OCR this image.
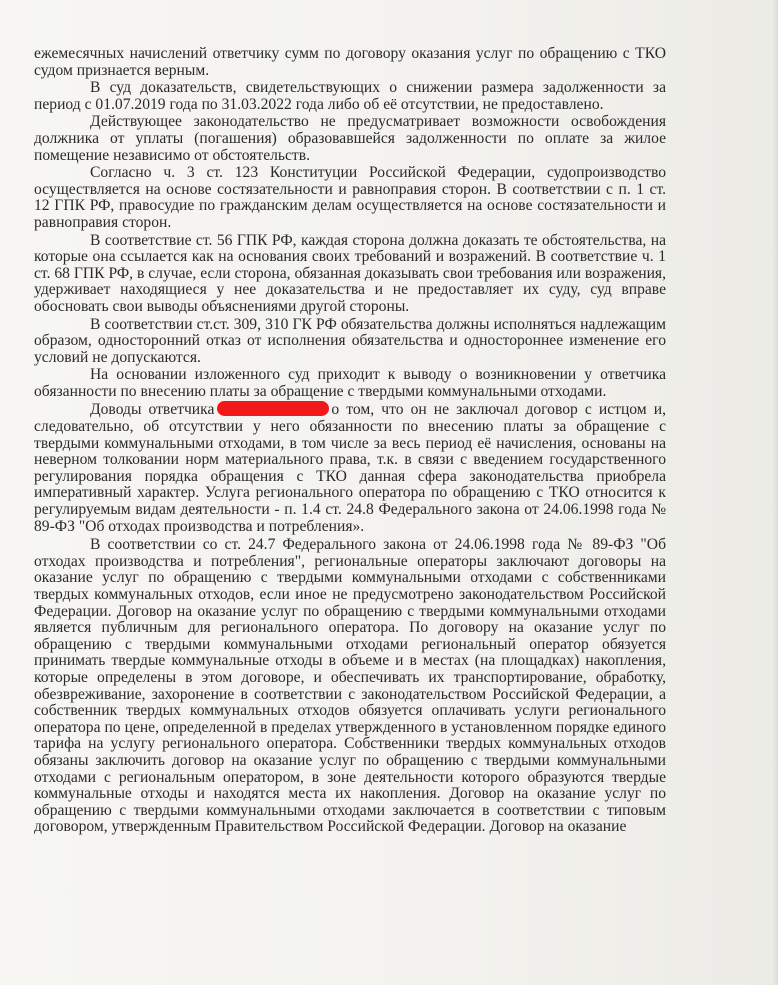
ежемесячных начислений ответчику сумм по договору оказания услуг по обращению с ТКО судом признается верным.

В суд доказательств, свидетельствующих о снижении размера задолженности за период с 01.07.2019 года по 31.03.2022 года либо об её отсутствии, не предоставлено.

Действующее законодательство не предусматривает возможности освобождения должника от уплаты (погашения) образовавшейся задолженности по оплате за жилое помещение независимо от обстоятельств.

Согласно ч. 3 ст. 123 Конституции Российской Федерации, судопроизводство осуществляется на основе состязательности и равноправия сторон. В соответствии с п. 1 ст. 12 ГПК РФ, правосудие по гражданским делам осуществляется на основе состязательности и равноправия сторон.

В соответствие ст. 56 ГПК РФ, каждая сторона должна доказать те обстоятельства, на которые она ссылается как на основания своих требований и возражений. В соответствие ч. 1 ст. 68 ГПК РФ, в случае, если сторона, обязанная доказывать свои требования или возражения, удерживает находящиеся у нее доказательства и не предоставляет их суду, суд вправе обосновать свои выводы объяснениями другой стороны.

В соответствии ст.ст. 309, 310 ГК РФ обязательства должны исполняться надлежащим образом, односторонний отказ от исполнения обязательства и одностороннее изменение его условий не допускаются.

На основании изложенного суд приходит к выводу о возникновении у ответчика обязанности по внесению платы за обращение с твердыми коммунальными отходами.

Доводы ответчика	о том, что он не заключал договор с истцом и, следовательно, об отсутствии у него обязанности по внесению платы за обращение с твердыми коммунальными отходами, в том числе за весь период её начисления, основаны на неверном толковании норм материального права, т.к. в связи с введением государственного регулирования порядка обращения с ТКО данная сфера законодательства приобрела императивный характер. Услуга регионального оператора по обращению с ТКО относится к регулируемым видам деятельности - п. 1.4 ст. 24.8 Федерального закона от 24.06.1998 года № 89-ФЗ "Об отходах производства и потребления».

В соответствии со ст. 24.7 Федерального закона от 24.06.1998 года № 89-ФЗ "Об отходах производства и потребления", региональные операторы заключают договоры на оказание услуг по обращению с твердыми коммунальными отходами с собственниками твердых коммунальных отходов, если иное не предусмотрено законодательством Российской Федерации. Договор на оказание услуг по обращению с твердыми коммунальными отходами является публичным для регионального оператора. По договору на оказание услуг по обращению с твердыми коммунальными отходами региональный оператор обязуется принимать твердые коммунальные отходы в объеме и в местах (на площадках) накопления, которые определены в этом договоре, и обеспечивать их транспортирование, обработку, обезвреживание, захоронение в соответствии с законодательством Российской Федерации, а собственник твердых коммунальных отходов обязуется оплачивать услуги регионального оператора по цене, определенной в пределах утвержденного в установленном порядке единого тарифа на услугу регионального оператора. Собственники твердых коммунальных отходов обязаны заключить договор на оказание услуг по обращению с твердыми коммунальными отходами с региональным оператором, в зоне деятельности которого образуются твердые коммунальные отходы и находятся места их накопления. Договор на оказание услуг по обращению с твердыми коммунальными отходами заключается в соответствии с типовым договором, утвержденным Правительством Российской Федерации. Договор на оказание
